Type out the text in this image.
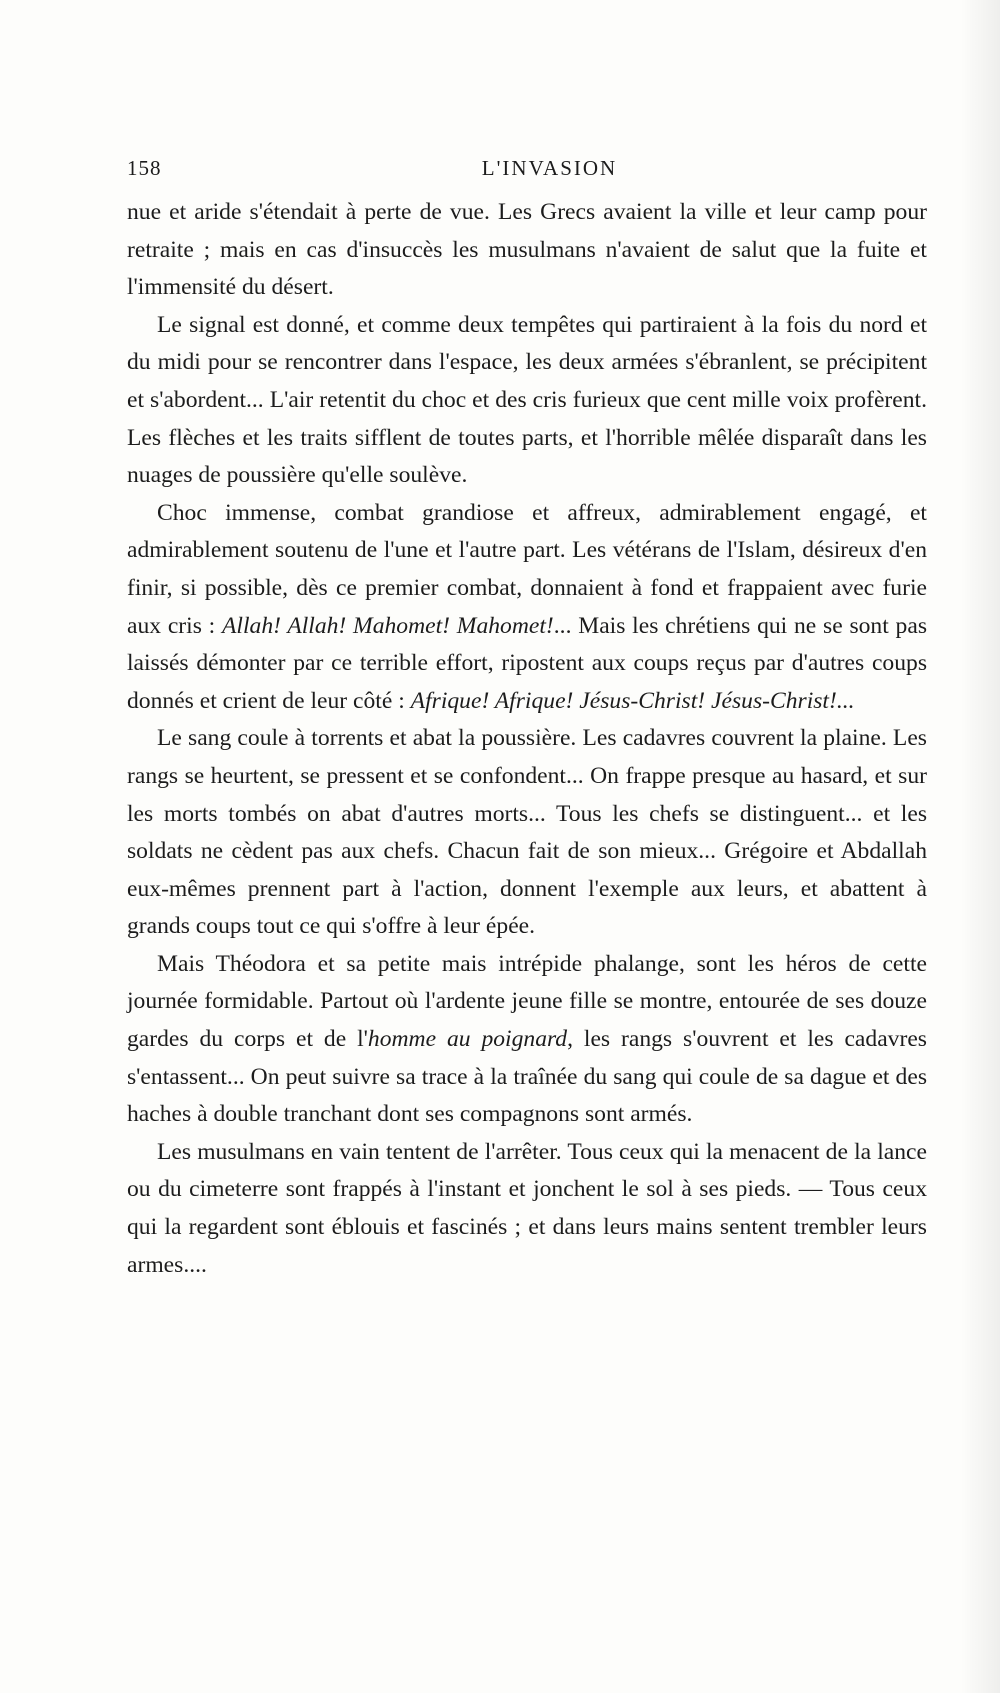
158	L'INVASION

nue et aride s'étendait à perte de vue. Les Grecs avaient la ville et leur camp pour retraite ; mais en cas d'insuccès les musulmans n'avaient de salut que la fuite et l'immensité du désert.

Le signal est donné, et comme deux tempêtes qui partiraient à la fois du nord et du midi pour se rencontrer dans l'espace, les deux armées s'ébranlent, se précipitent et s'abordent... L'air retentit du choc et des cris furieux que cent mille voix profèrent. Les flèches et les traits sifflent de toutes parts, et l'horrible mêlée disparaît dans les nuages de poussière qu'elle soulève.

Choc immense, combat grandiose et affreux, admirablement engagé, et admirablement soutenu de l'une et l'autre part. Les vétérans de l'Islam, désireux d'en finir, si possible, dès ce premier combat, donnaient à fond et frappaient avec furie aux cris : Allah! Allah! Mahomet! Mahomet!... Mais les chrétiens qui ne se sont pas laissés démonter par ce terrible effort, ripostent aux coups reçus par d'autres coups donnés et crient de leur côté : Afrique! Afrique! Jésus-Christ! Jésus-Christ!...

Le sang coule à torrents et abat la poussière. Les cadavres couvrent la plaine. Les rangs se heurtent, se pressent et se confondent... On frappe presque au hasard, et sur les morts tombés on abat d'autres morts... Tous les chefs se distinguent... et les soldats ne cèdent pas aux chefs. Chacun fait de son mieux... Grégoire et Abdallah eux-mêmes prennent part à l'action, donnent l'exemple aux leurs, et abattent à grands coups tout ce qui s'offre à leur épée.

Mais Théodora et sa petite mais intrépide phalange, sont les héros de cette journée formidable. Partout où l'ardente jeune fille se montre, entourée de ses douze gardes du corps et de l'homme au poignard, les rangs s'ouvrent et les cadavres s'entassent... On peut suivre sa trace à la traînée du sang qui coule de sa dague et des haches à double tranchant dont ses compagnons sont armés.

Les musulmans en vain tentent de l'arrêter. Tous ceux qui la menacent de la lance ou du cimeterre sont frappés à l'instant et jonchent le sol à ses pieds. — Tous ceux qui la regardent sont éblouis et fascinés ; et dans leurs mains sentent trembler leurs armes....
